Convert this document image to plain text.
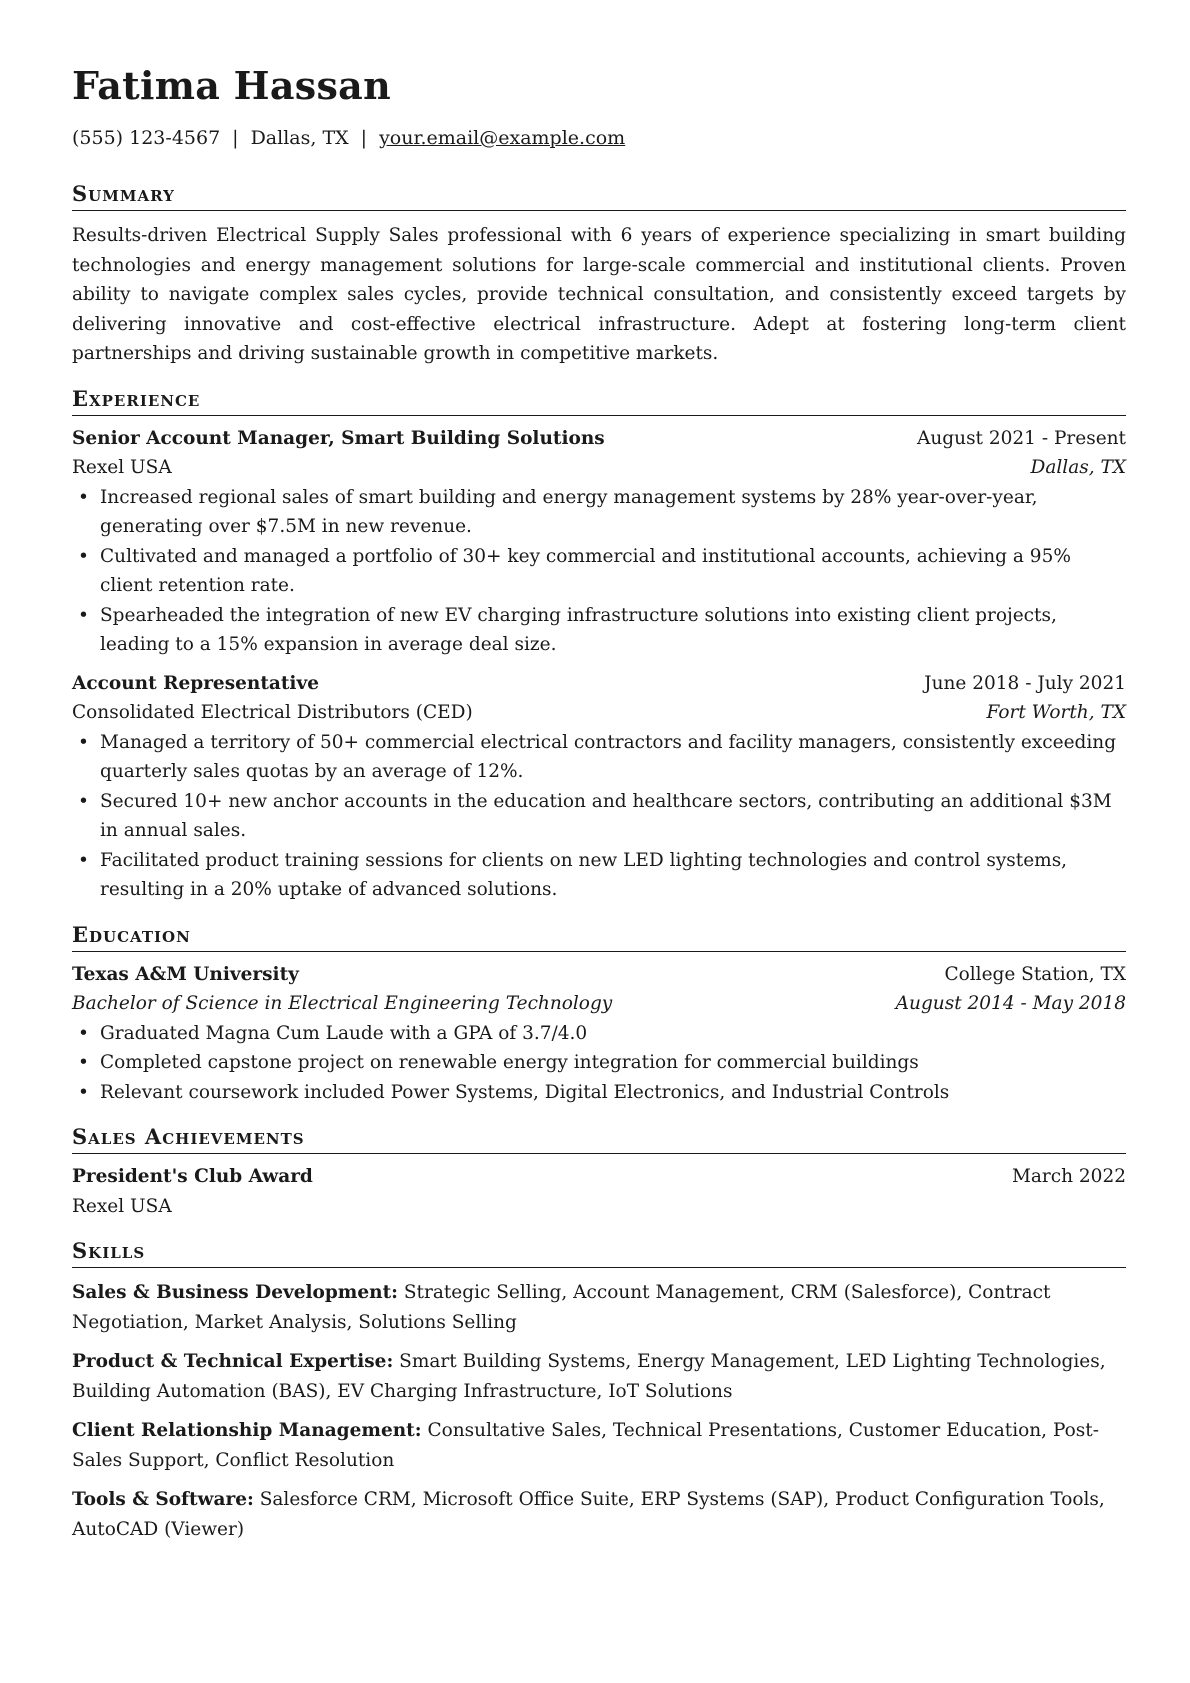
Fatima Hassan
(555) 123-4567 | Dallas, TX | your.email@example.com
Summary
Results-driven Electrical Supply Sales professional with 6 years of experience specializing in smart building technologies and energy management solutions for large-scale commercial and institutional clients. Proven ability to navigate complex sales cycles, provide technical consultation, and consistently exceed targets by delivering innovative and cost-effective electrical infrastructure. Adept at fostering long-term client partnerships and driving sustainable growth in competitive markets.
Experience
Senior Account Manager, Smart Building Solutions	August 2021 - Present
Rexel USA	Dallas, TX
• Increased regional sales of smart building and energy management systems by 28% year-over-year, generating over $7.5M in new revenue.
• Cultivated and managed a portfolio of 30+ key commercial and institutional accounts, achieving a 95% client retention rate.
• Spearheaded the integration of new EV charging infrastructure solutions into existing client projects, leading to a 15% expansion in average deal size.
Account Representative	June 2018 - July 2021
Consolidated Electrical Distributors (CED)	Fort Worth, TX
• Managed a territory of 50+ commercial electrical contractors and facility managers, consistently exceeding quarterly sales quotas by an average of 12%.
• Secured 10+ new anchor accounts in the education and healthcare sectors, contributing an additional $3M in annual sales.
• Facilitated product training sessions for clients on new LED lighting technologies and control systems, resulting in a 20% uptake of advanced solutions.
Education
Texas A&M University	College Station, TX
Bachelor of Science in Electrical Engineering Technology	August 2014 - May 2018
• Graduated Magna Cum Laude with a GPA of 3.7/4.0
• Completed capstone project on renewable energy integration for commercial buildings
• Relevant coursework included Power Systems, Digital Electronics, and Industrial Controls
Sales Achievements
President's Club Award	March 2022
Rexel USA
Skills
Sales & Business Development: Strategic Selling, Account Management, CRM (Salesforce), Contract Negotiation, Market Analysis, Solutions Selling
Product & Technical Expertise: Smart Building Systems, Energy Management, LED Lighting Technologies, Building Automation (BAS), EV Charging Infrastructure, IoT Solutions
Client Relationship Management: Consultative Sales, Technical Presentations, Customer Education, Post-Sales Support, Conflict Resolution
Tools & Software: Salesforce CRM, Microsoft Office Suite, ERP Systems (SAP), Product Configuration Tools, AutoCAD (Viewer)
